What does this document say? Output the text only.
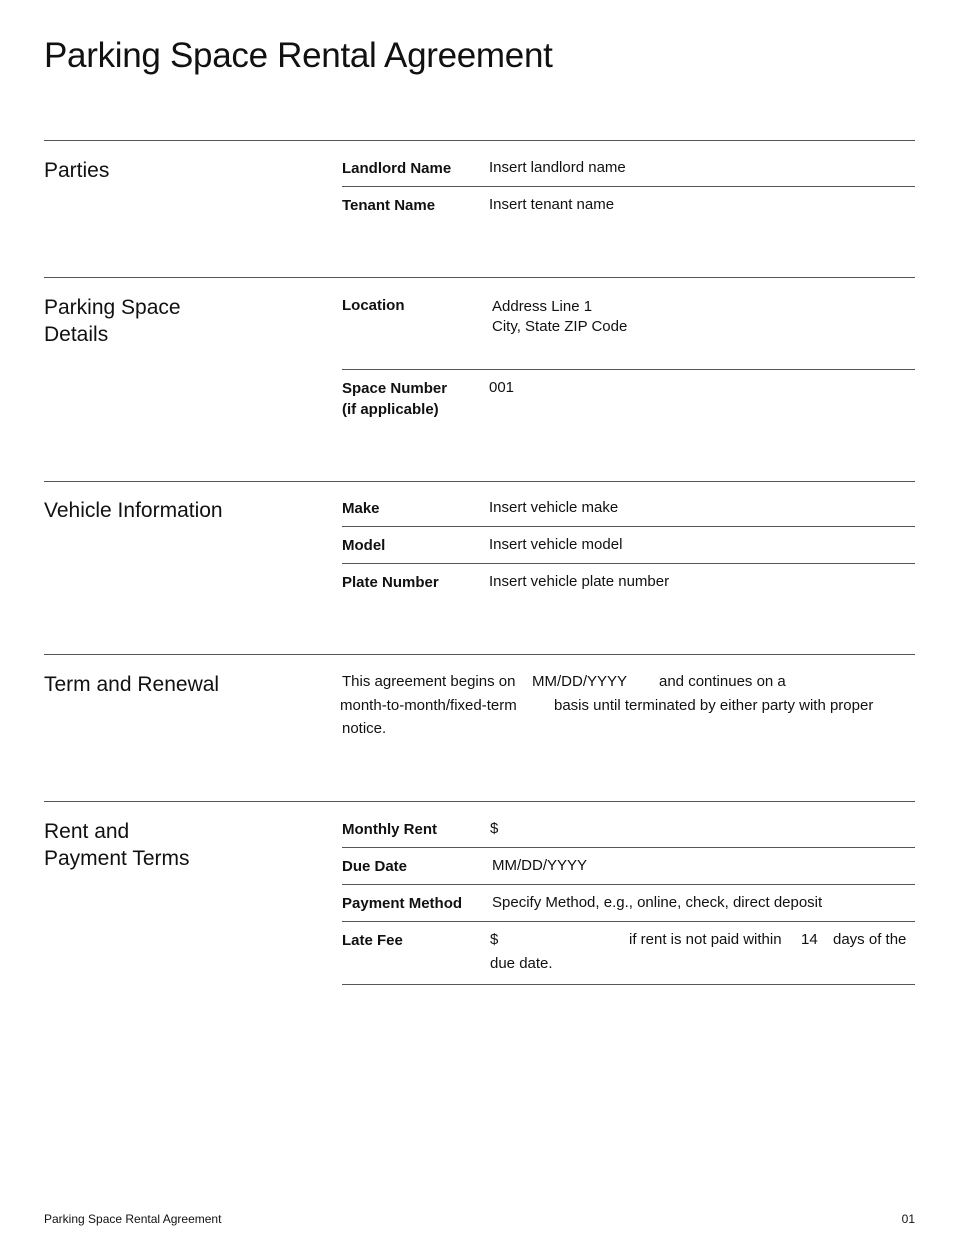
Parking Space Rental Agreement
Parties	Landlord Name	Insert landlord name
Tenant Name	Insert tenant name
Parking Space
Details
Location	Address Line 1
City, State ZIP Code
Space Number
(if applicable)
001
Vehicle Information	Make	Insert vehicle make
Model	Insert vehicle model
Plate Number	Insert vehicle plate number
Term and Renewal	This agreement begins on MM/DD/YYYY and continues on a
month-to-month/fixed-term basis until terminated by either party with proper
notice.
Rent and
Payment Terms
Monthly Rent	$
Due Date	MM/DD/YYYY
Payment Method Specify Method, e.g., online, check, direct deposit
Late Fee	$	if rent is not paid within 14 days of the
due date.
Parking Space Rental Agreement	01
